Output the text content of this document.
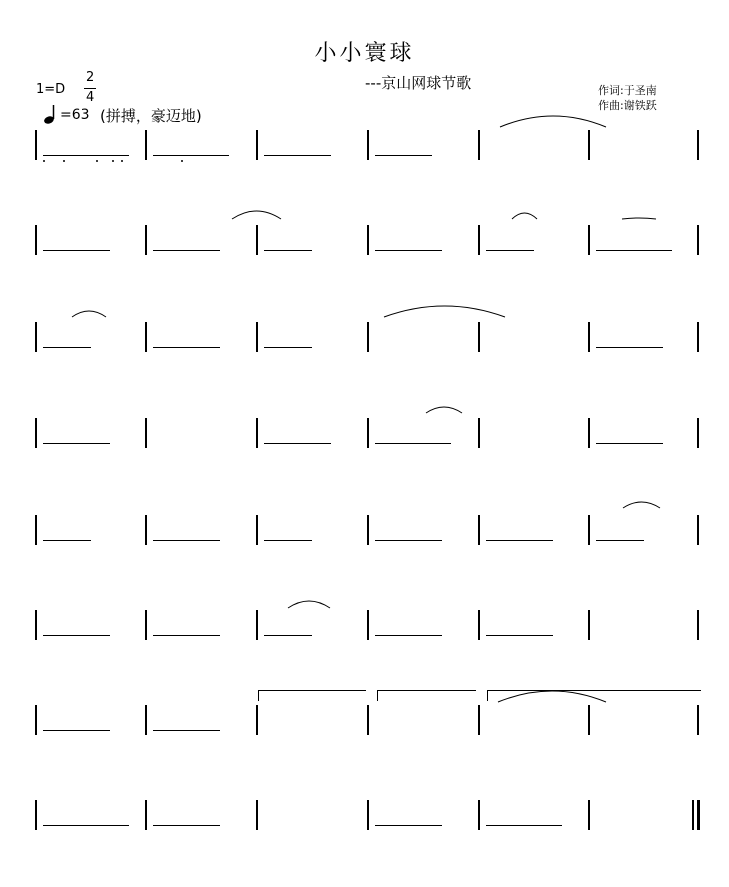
小小寰球
---京山网球节歌	作词:于圣南
作曲:谢铁跃
1=D
2
4
=63 (拼搏，豪迈地)
